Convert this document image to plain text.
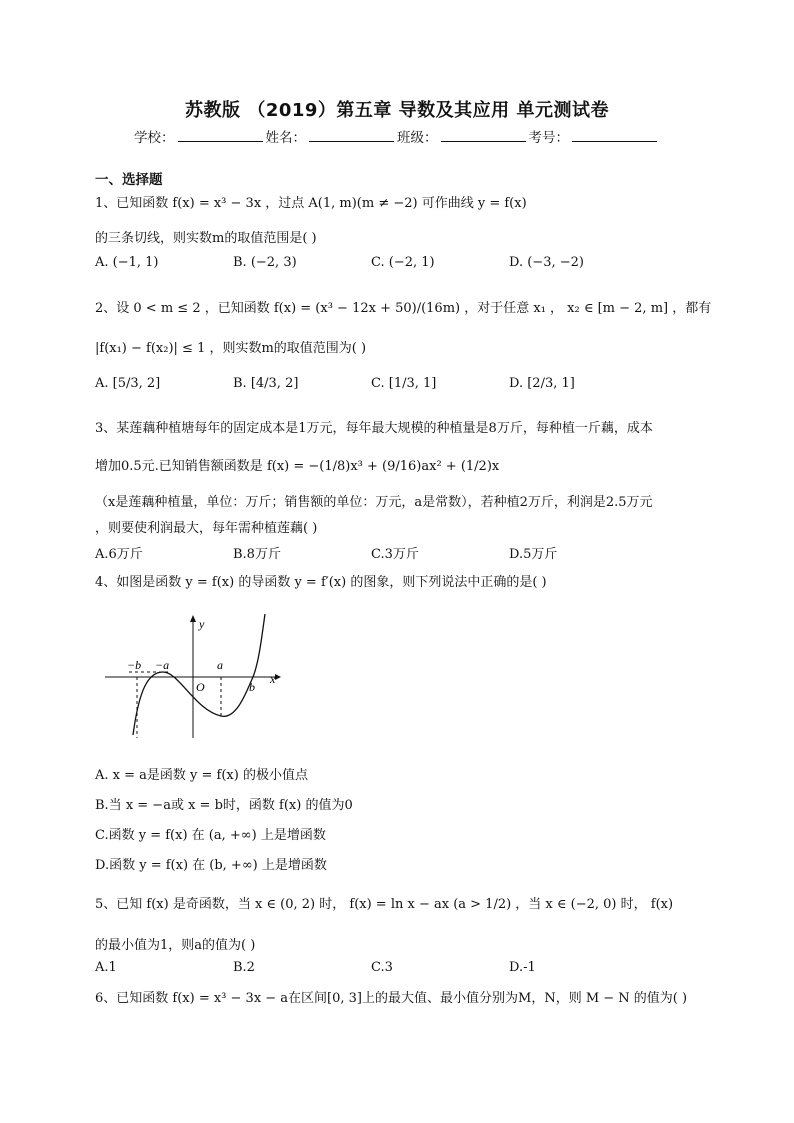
苏教版 （2019）第五章 导数及其应用 单元测试卷
学校：	姓名：	班级：	考号：
一、选择题
1、已知函数 f(x) = x³ − 3x ，过点 A(1, m)(m ≠ −2) 可作曲线 y = f(x)
的三条切线，则实数m的取值范围是( )
A. (−1, 1)	B. (−2, 3)	C. (−2, 1)	D. (−3, −2)
2、设 0 < m ≤ 2 ，已知函数 f(x) = (x³ − 12x + 50)/(16m) ，对于任意 x₁ ， x₂ ∈ [m − 2, m] ，都有
|f(x₁) − f(x₂)| ≤ 1 ，则实数m的取值范围为( )
A. [5/3, 2]	B. [4/3, 2]	C. [1/3, 1]	D. [2/3, 1]
3、某莲藕种植塘每年的固定成本是1万元，每年最大规模的种植量是8万斤，每种植一斤藕，成本
增加0.5元.已知销售额函数是 f(x) = −(1/8)x³ + (9/16)ax² + (1/2)x
（x是莲藕种植量，单位：万斤；销售额的单位：万元，a是常数），若种植2万斤，利润是2.5万元
，则要使利润最大，每年需种植莲藕( )
A.6万斤	B.8万斤	C.3万斤	D.5万斤
4、如图是函数 y = f(x) 的导函数 y = f′(x) 的图象，则下列说法中正确的是( )
y
x
O
−b −a	a
b
A. x = a是函数 y = f(x) 的极小值点
B.当 x = −a或 x = b时，函数 f(x) 的值为0
C.函数 y = f(x) 在 (a, +∞) 上是增函数
D.函数 y = f(x) 在 (b, +∞) 上是增函数
5、已知 f(x) 是奇函数，当 x ∈ (0, 2) 时， f(x) = ln x − ax (a > 1/2) ，当 x ∈ (−2, 0) 时， f(x)
的最小值为1，则a的值为( )
A.1	B.2	C.3	D.-1
6、已知函数 f(x) = x³ − 3x − a在区间[0, 3]上的最大值、最小值分别为M，N，则 M − N 的值为( )
